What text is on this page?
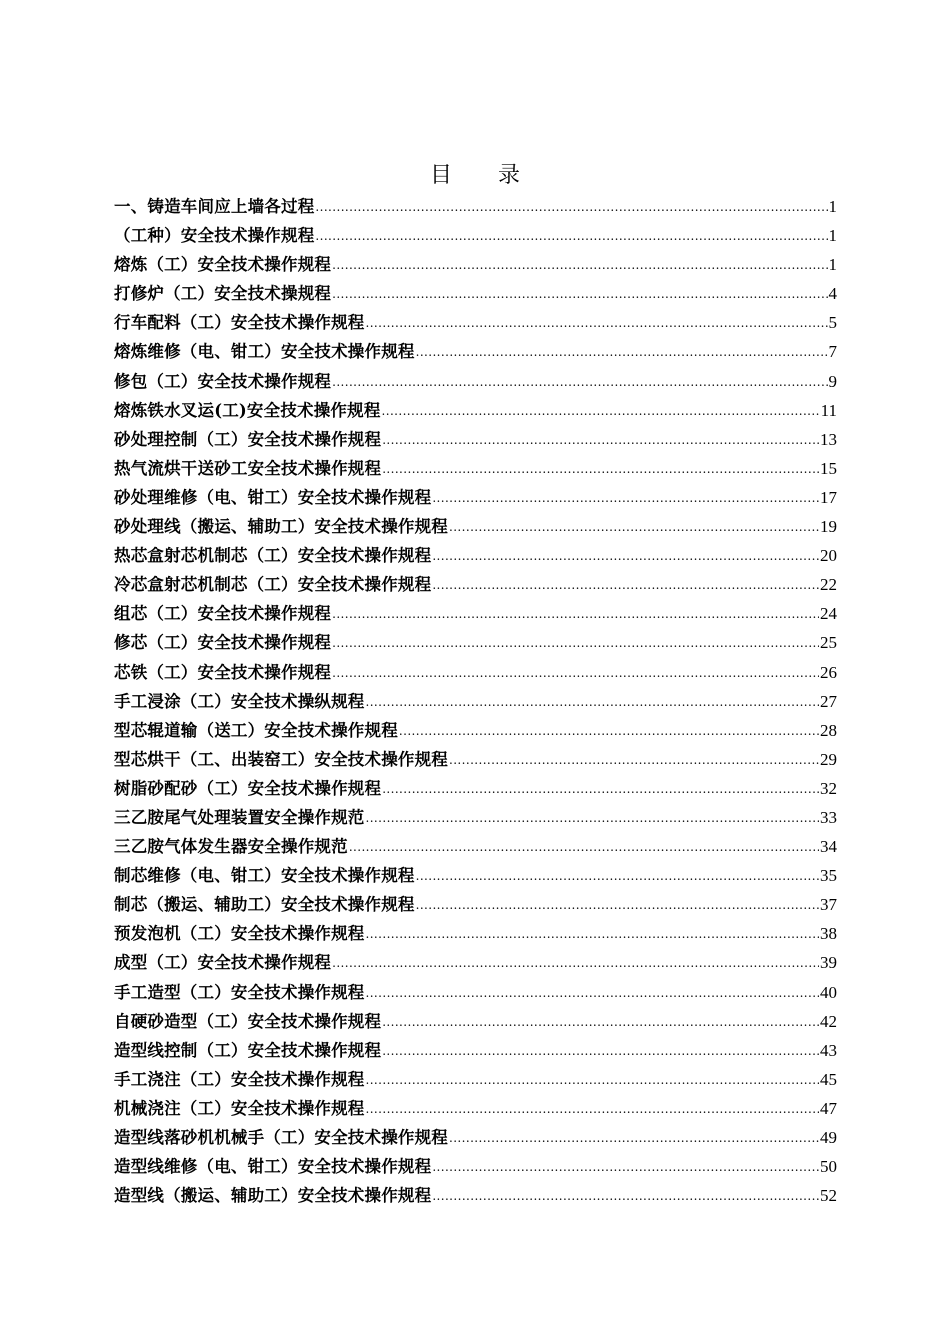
目 录
一、铸造车间应上墙各过程 .....	1
（工种）安全技术操作规程 .....	1
熔炼（工）安全技术操作规程 .....	1
打修炉（工）安全技术操规程 .....	4
行车配料（工）安全技术操作规程 .....	5
熔炼维修（电、钳工）安全技术操作规程 .....	7
修包（工）安全技术操作规程 .....	9
熔炼铁水叉运(工)安全技术操作规程 .....	11
砂处理控制（工）安全技术操作规程 .....	13
热气流烘干送砂工安全技术操作规程 .....	15
砂处理维修（电、钳工）安全技术操作规程 .....	17
砂处理线（搬运、辅助工）安全技术操作规程 .....	19
热芯盒射芯机制芯（工）安全技术操作规程 .....	20
冷芯盒射芯机制芯（工）安全技术操作规程 .....	22
组芯（工）安全技术操作规程 .....	24
修芯（工）安全技术操作规程 .....	25
芯铁（工）安全技术操作规程 .....	26
手工浸涂（工）安全技术操纵规程 .....	27
型芯辊道输（送工）安全技术操作规程 .....	28
型芯烘干（工、出装窑工）安全技术操作规程 .....	29
树脂砂配砂（工）安全技术操作规程 .....	32
三乙胺尾气处理装置安全操作规范 .....	33
三乙胺气体发生器安全操作规范 .....	34
制芯维修（电、钳工）安全技术操作规程 .....	35
制芯（搬运、辅助工）安全技术操作规程 .....	37
预发泡机（工）安全技术操作规程 .....	38
成型（工）安全技术操作规程 .....	39
手工造型（工）安全技术操作规程 .....	40
自硬砂造型（工）安全技术操作规程 .....	42
造型线控制（工）安全技术操作规程 .....	43
手工浇注（工）安全技术操作规程 .....	45
机械浇注（工）安全技术操作规程 .....	47
造型线落砂机机械手（工）安全技术操作规程 .....	49
造型线维修（电、钳工）安全技术操作规程 .....	50
造型线（搬运、辅助工）安全技术操作规程 .....	52
